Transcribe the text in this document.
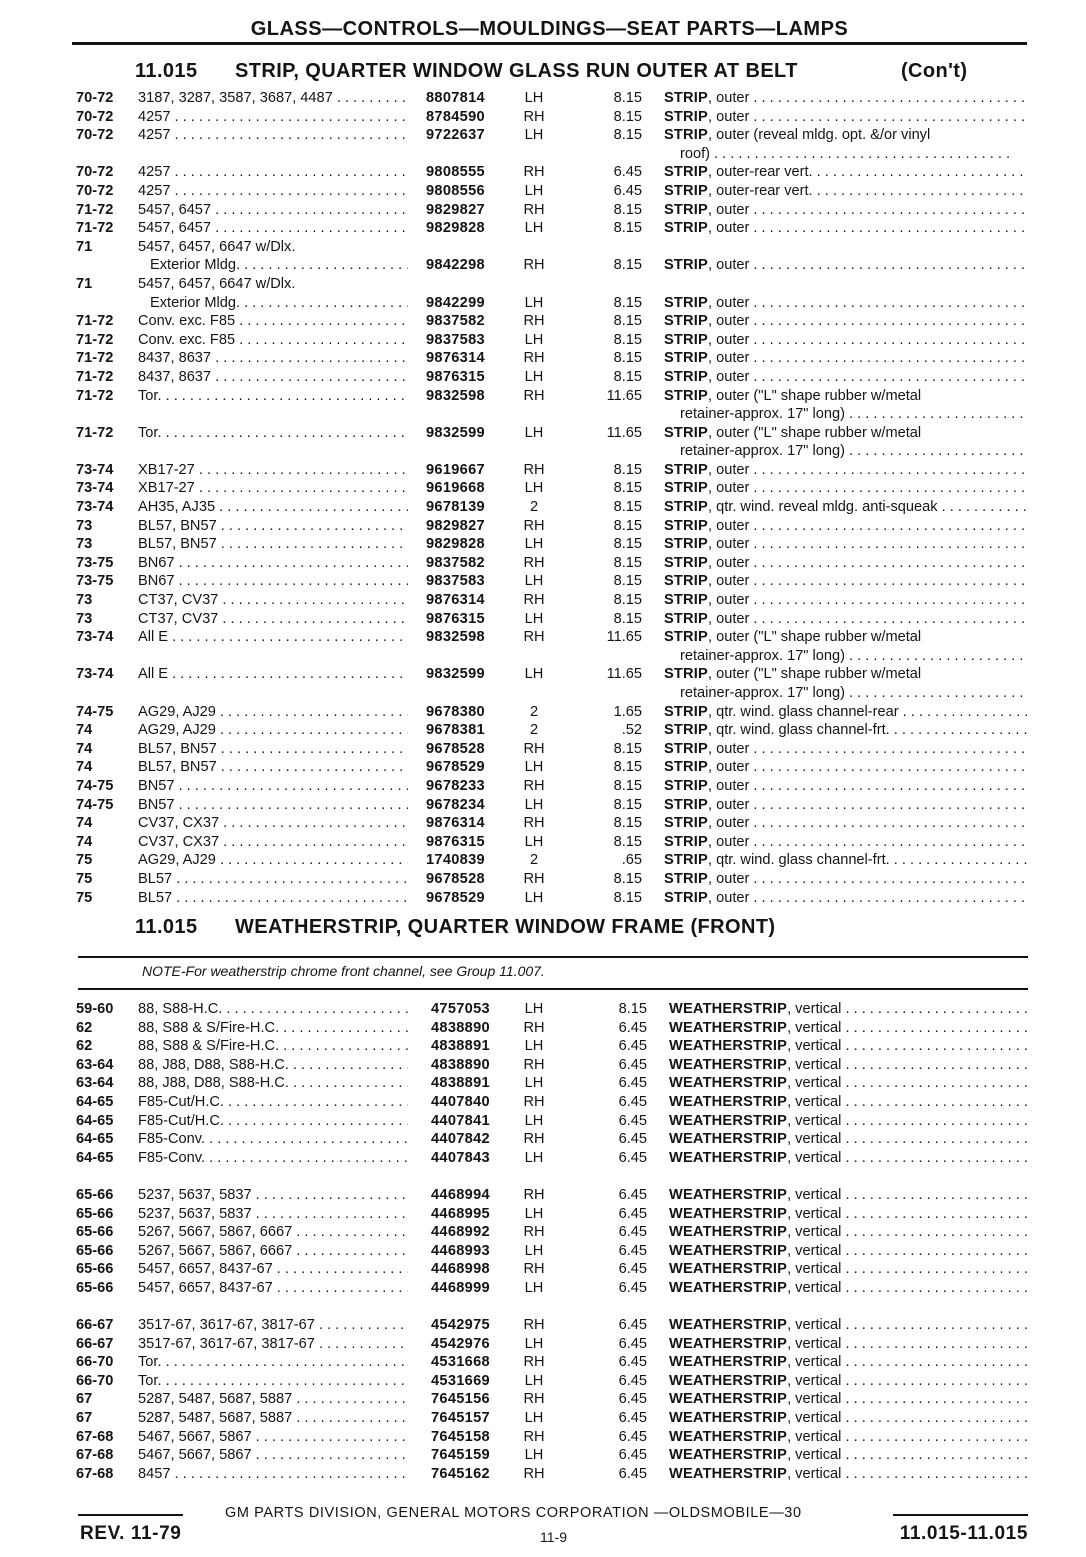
GLASS—CONTROLS—MOULDINGS—SEAT PARTS—LAMPS
11.015 STRIP, QUARTER WINDOW GLASS RUN OUTER AT BELT	(Con't)
70-72	3187, 3287, 3587, 3687, 4487 . . .	8807814	LH	8.15 STRIP, outer . . .
70-72	4257 . . .	8784590	RH	8.15 STRIP, outer . . .
70-72	4257 . . .	9722637	LH	8.15 STRIP, outer (reveal mldg. opt. &/or vinyl
roof) . . .
70-72	4257 . . .	9808555	RH	6.45 STRIP, outer-rear vert. . . .
70-72	4257 . . .	9808556	LH	6.45 STRIP, outer-rear vert. . . .
71-72	5457, 6457 . . .	9829827	RH	8.15 STRIP, outer . . .
71-72	5457, 6457 . . .	9829828	LH	8.15 STRIP, outer . . .
71	5457, 6457, 6647 w/Dlx.
Exterior Mldg. . . .	9842298	RH	8.15 STRIP, outer . . .
71	5457, 6457, 6647 w/Dlx.
Exterior Mldg. . . .	9842299	LH	8.15 STRIP, outer . . .
71-72	Conv. exc. F85 . . .	9837582	RH	8.15 STRIP, outer . . .
71-72	Conv. exc. F85 . . .	9837583	LH	8.15 STRIP, outer . . .
71-72	8437, 8637 . . .	9876314	RH	8.15 STRIP, outer . . .
71-72	8437, 8637 . . .	9876315	LH	8.15 STRIP, outer . . .
71-72	Tor. . . .	9832598	RH	11.65 STRIP, outer ("L" shape rubber w/metal
retainer-approx. 17" long) . . .
71-72	Tor. . . .	9832599	LH	11.65 STRIP, outer ("L" shape rubber w/metal
retainer-approx. 17" long) . . .
73-74	XB17-27 . . .	9619667	RH	8.15 STRIP, outer . . .
73-74	XB17-27 . . .	9619668	LH	8.15 STRIP, outer . . .
73-74	AH35, AJ35 . . .	9678139	2	8.15 STRIP, qtr. wind. reveal mldg. anti-squeak . . .
73	BL57, BN57 . . .	9829827	RH	8.15 STRIP, outer . . .
73	BL57, BN57 . . .	9829828	LH	8.15 STRIP, outer . . .
73-75	BN67 . . .	9837582	RH	8.15 STRIP, outer . . .
73-75	BN67 . . .	9837583	LH	8.15 STRIP, outer . . .
73	CT37, CV37 . . .	9876314	RH	8.15 STRIP, outer . . .
73	CT37, CV37 . . .	9876315	LH	8.15 STRIP, outer . . .
73-74	All E . . .	9832598	RH	11.65 STRIP, outer ("L" shape rubber w/metal
retainer-approx. 17" long) . . .
73-74	All E . . .	9832599	LH	11.65 STRIP, outer ("L" shape rubber w/metal
retainer-approx. 17" long) . . .
74-75	AG29, AJ29 . . .	9678380	2	1.65 STRIP, qtr. wind. glass channel-rear . . .
74	AG29, AJ29 . . .	9678381	2	.52 STRIP, qtr. wind. glass channel-frt. . . .
74	BL57, BN57 . . .	9678528	RH	8.15 STRIP, outer . . .
74	BL57, BN57 . . .	9678529	LH	8.15 STRIP, outer . . .
74-75	BN57 . . .	9678233	RH	8.15 STRIP, outer . . .
74-75	BN57 . . .	9678234	LH	8.15 STRIP, outer . . .
74	CV37, CX37 . . .	9876314	RH	8.15 STRIP, outer . . .
74	CV37, CX37 . . .	9876315	LH	8.15 STRIP, outer . . .
75	AG29, AJ29 . . .	1740839	2	.65 STRIP, qtr. wind. glass channel-frt. . . .
75	BL57 . . .	9678528	RH	8.15 STRIP, outer . . .
75	BL57 . . .	9678529	LH	8.15 STRIP, outer . . .
11.015 WEATHERSTRIP, QUARTER WINDOW FRAME (FRONT)
NOTE-For weatherstrip chrome front channel, see Group 11.007.
59-60	88, S88-H.C. . . .	4757053	LH	8.15 WEATHERSTRIP, vertical . . .
62	88, S88 & S/Fire-H.C. . . .	4838890	RH	6.45 WEATHERSTRIP, vertical . . .
62	88, S88 & S/Fire-H.C. . . .	4838891	LH	6.45 WEATHERSTRIP, vertical . . .
63-64	88, J88, D88, S88-H.C. . . .	4838890	RH	6.45 WEATHERSTRIP, vertical . . .
63-64	88, J88, D88, S88-H.C. . . .	4838891	LH	6.45 WEATHERSTRIP, vertical . . .
64-65	F85-Cut/H.C. . . .	4407840	RH	6.45 WEATHERSTRIP, vertical . . .
64-65	F85-Cut/H.C. . . .	4407841	LH	6.45 WEATHERSTRIP, vertical . . .
64-65	F85-Conv. . . .	4407842	RH	6.45 WEATHERSTRIP, vertical . . .
64-65	F85-Conv. . . .	4407843	LH	6.45 WEATHERSTRIP, vertical . . .
65-66	5237, 5637, 5837 . . .	4468994	RH	6.45 WEATHERSTRIP, vertical . . .
65-66	5237, 5637, 5837 . . .	4468995	LH	6.45 WEATHERSTRIP, vertical . . .
65-66	5267, 5667, 5867, 6667 . . .	4468992	RH	6.45 WEATHERSTRIP, vertical . . .
65-66	5267, 5667, 5867, 6667 . . .	4468993	LH	6.45 WEATHERSTRIP, vertical . . .
65-66	5457, 6657, 8437-67 . . .	4468998	RH	6.45 WEATHERSTRIP, vertical . . .
65-66	5457, 6657, 8437-67 . . .	4468999	LH	6.45 WEATHERSTRIP, vertical . . .
66-67	3517-67, 3617-67, 3817-67 . . .	4542975	RH	6.45 WEATHERSTRIP, vertical . . .
66-67	3517-67, 3617-67, 3817-67 . . .	4542976	LH	6.45 WEATHERSTRIP, vertical . . .
66-70	Tor. . . .	4531668	RH	6.45 WEATHERSTRIP, vertical . . .
66-70	Tor. . . .	4531669	LH	6.45 WEATHERSTRIP, vertical . . .
67	5287, 5487, 5687, 5887 . . .	7645156	RH	6.45 WEATHERSTRIP, vertical . . .
67	5287, 5487, 5687, 5887 . . .	7645157	LH	6.45 WEATHERSTRIP, vertical . . .
67-68	5467, 5667, 5867 . . .	7645158	RH	6.45 WEATHERSTRIP, vertical . . .
67-68	5467, 5667, 5867 . . .	7645159	LH	6.45 WEATHERSTRIP, vertical . . .
67-68	8457 . . .	7645162	RH	6.45 WEATHERSTRIP, vertical . . .
GM PARTS DIVISION, GENERAL MOTORS CORPORATION —OLDSMOBILE—30
REV. 11-79	11-9	11.015-11.015
